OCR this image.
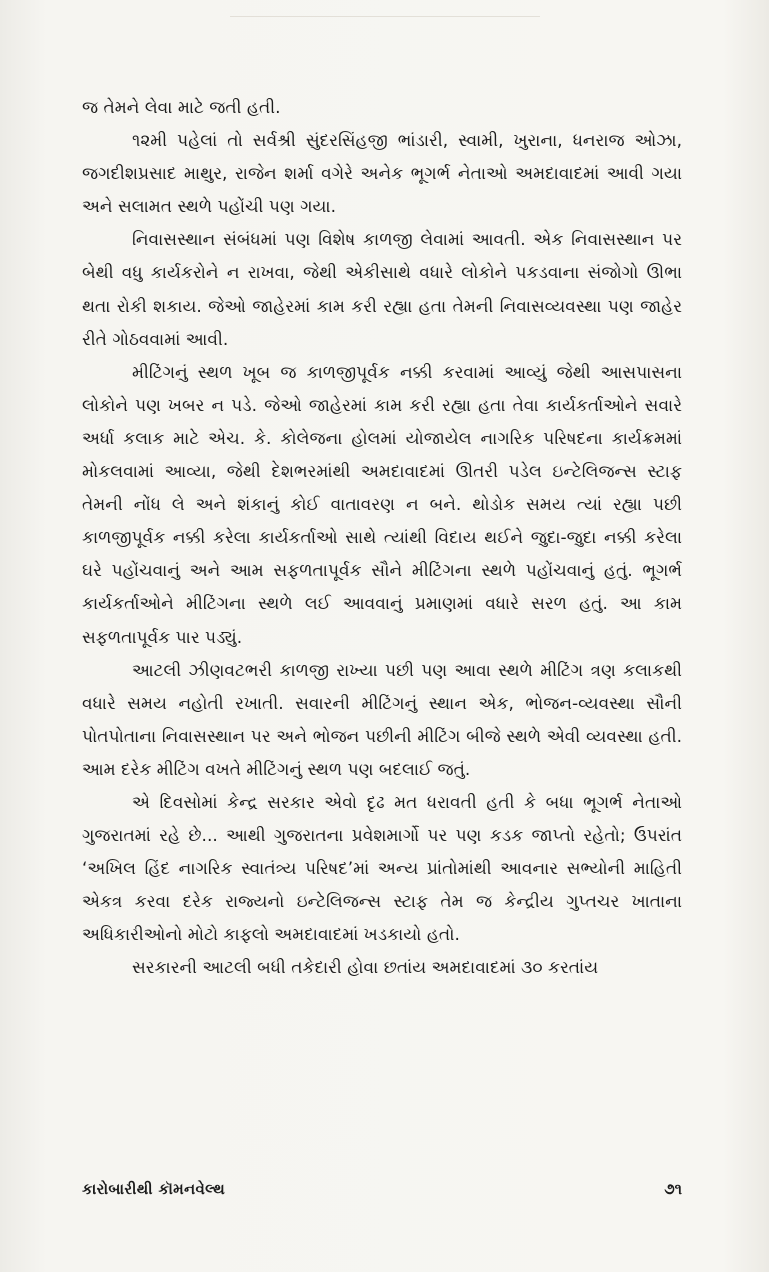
જ તેમને લેવા માટે જતી હતી.

૧૨મી પહેલાં તો સર્વશ્રી સુંદરસિંહજી ભાંડારી, સ્વામી, ખુરાના, ધનરાજ ઓઝા, જગદીશપ્રસાદ માથુર, રાજેન શર્મા વગેરે અનેક ભૂગર્ભ નેતાઓ અમદાવાદમાં આવી ગયા અને સલામત સ્થળે પહોંચી પણ ગયા.

નિવાસસ્થાન સંબંધમાં પણ વિશેષ કાળજી લેવામાં આવતી. એક નિવાસસ્થાન પર બેથી વધુ કાર્યકરોને ન રાખવા, જેથી એકીસાથે વધારે લોકોને પકડવાના સંજોગો ઊભા થતા રોકી શકાય. જેઓ જાહેરમાં કામ કરી રહ્યા હતા તેમની નિવાસવ્યવસ્થા પણ જાહેર રીતે ગોઠવવામાં આવી.

મીટિંગનું સ્થળ ખૂબ જ કાળજીપૂર્વક નક્કી કરવામાં આવ્યું જેથી આસપાસના લોકોને પણ ખબર ન પડે. જેઓ જાહેરમાં કામ કરી રહ્યા હતા તેવા કાર્યકર્તાઓને સવારે અર્ધા કલાક માટે એચ. કે. કોલેજના હોલમાં યોજાયેલ નાગરિક પરિષદના કાર્યક્રમમાં મોકલવામાં આવ્યા, જેથી દેશભરમાંથી અમદાવાદમાં ઊતરી પડેલ ઇન્ટેલિજન્સ સ્ટાફ તેમની નોંધ લે અને શંકાનું કોઈ વાતાવરણ ન બને. થોડોક સમય ત્યાં રહ્યા પછી કાળજીપૂર્વક નક્કી કરેલા કાર્યકર્તાઓ સાથે ત્યાંથી વિદાય થઈને જુદા-જુદા નક્કી કરેલા ઘરે પહોંચવાનું અને આમ સફળતાપૂર્વક સૌને મીટિંગના સ્થળે પહોંચવાનું હતું. ભૂગર્ભ કાર્યકર્તાઓને મીટિંગના સ્થળે લઈ આવવાનું પ્રમાણમાં વધારે સરળ હતું. આ કામ સફળતાપૂર્વક પાર પડ્યું.

આટલી ઝીણવટભરી કાળજી રાખ્યા પછી પણ આવા સ્થળે મીટિંગ ત્રણ કલાકથી વધારે સમય નહોતી રખાતી. સવારની મીટિંગનું સ્થાન એક, ભોજન-વ્યવસ્થા સૌની પોતપોતાના નિવાસસ્થાન પર અને ભોજન પછીની મીટિંગ બીજે સ્થળે એવી વ્યવસ્થા હતી. આમ દરેક મીટિંગ વખતે મીટિંગનું સ્થળ પણ બદલાઈ જતું.

એ દિવસોમાં કેન્દ્ર સરકાર એવો દૃઢ મત ધરાવતી હતી કે બધા ભૂગર્ભ નેતાઓ ગુજરાતમાં રહે છે... આથી ગુજરાતના પ્રવેશમાર્ગો પર પણ કડક જાપ્તો રહેતો; ઉપરાંત ‘અખિલ હિંદ નાગરિક સ્વાતંત્ર્ય પરિષદ’માં અન્ય પ્રાંતોમાંથી આવનાર સભ્યોની માહિતી એકત્ર કરવા દરેક રાજ્યનો ઇન્ટેલિજન્સ સ્ટાફ તેમ જ કેન્દ્રીય ગુપ્તચર ખાતાના અધિકારીઓનો મોટો કાફલો અમદાવાદમાં ખડકાયો હતો.

સરકારની આટલી બધી તકેદારી હોવા છતાંય અમદાવાદમાં ૩૦ કરતાંય

કારોબારીથી કૉમનવેલ્થ	૭૧
